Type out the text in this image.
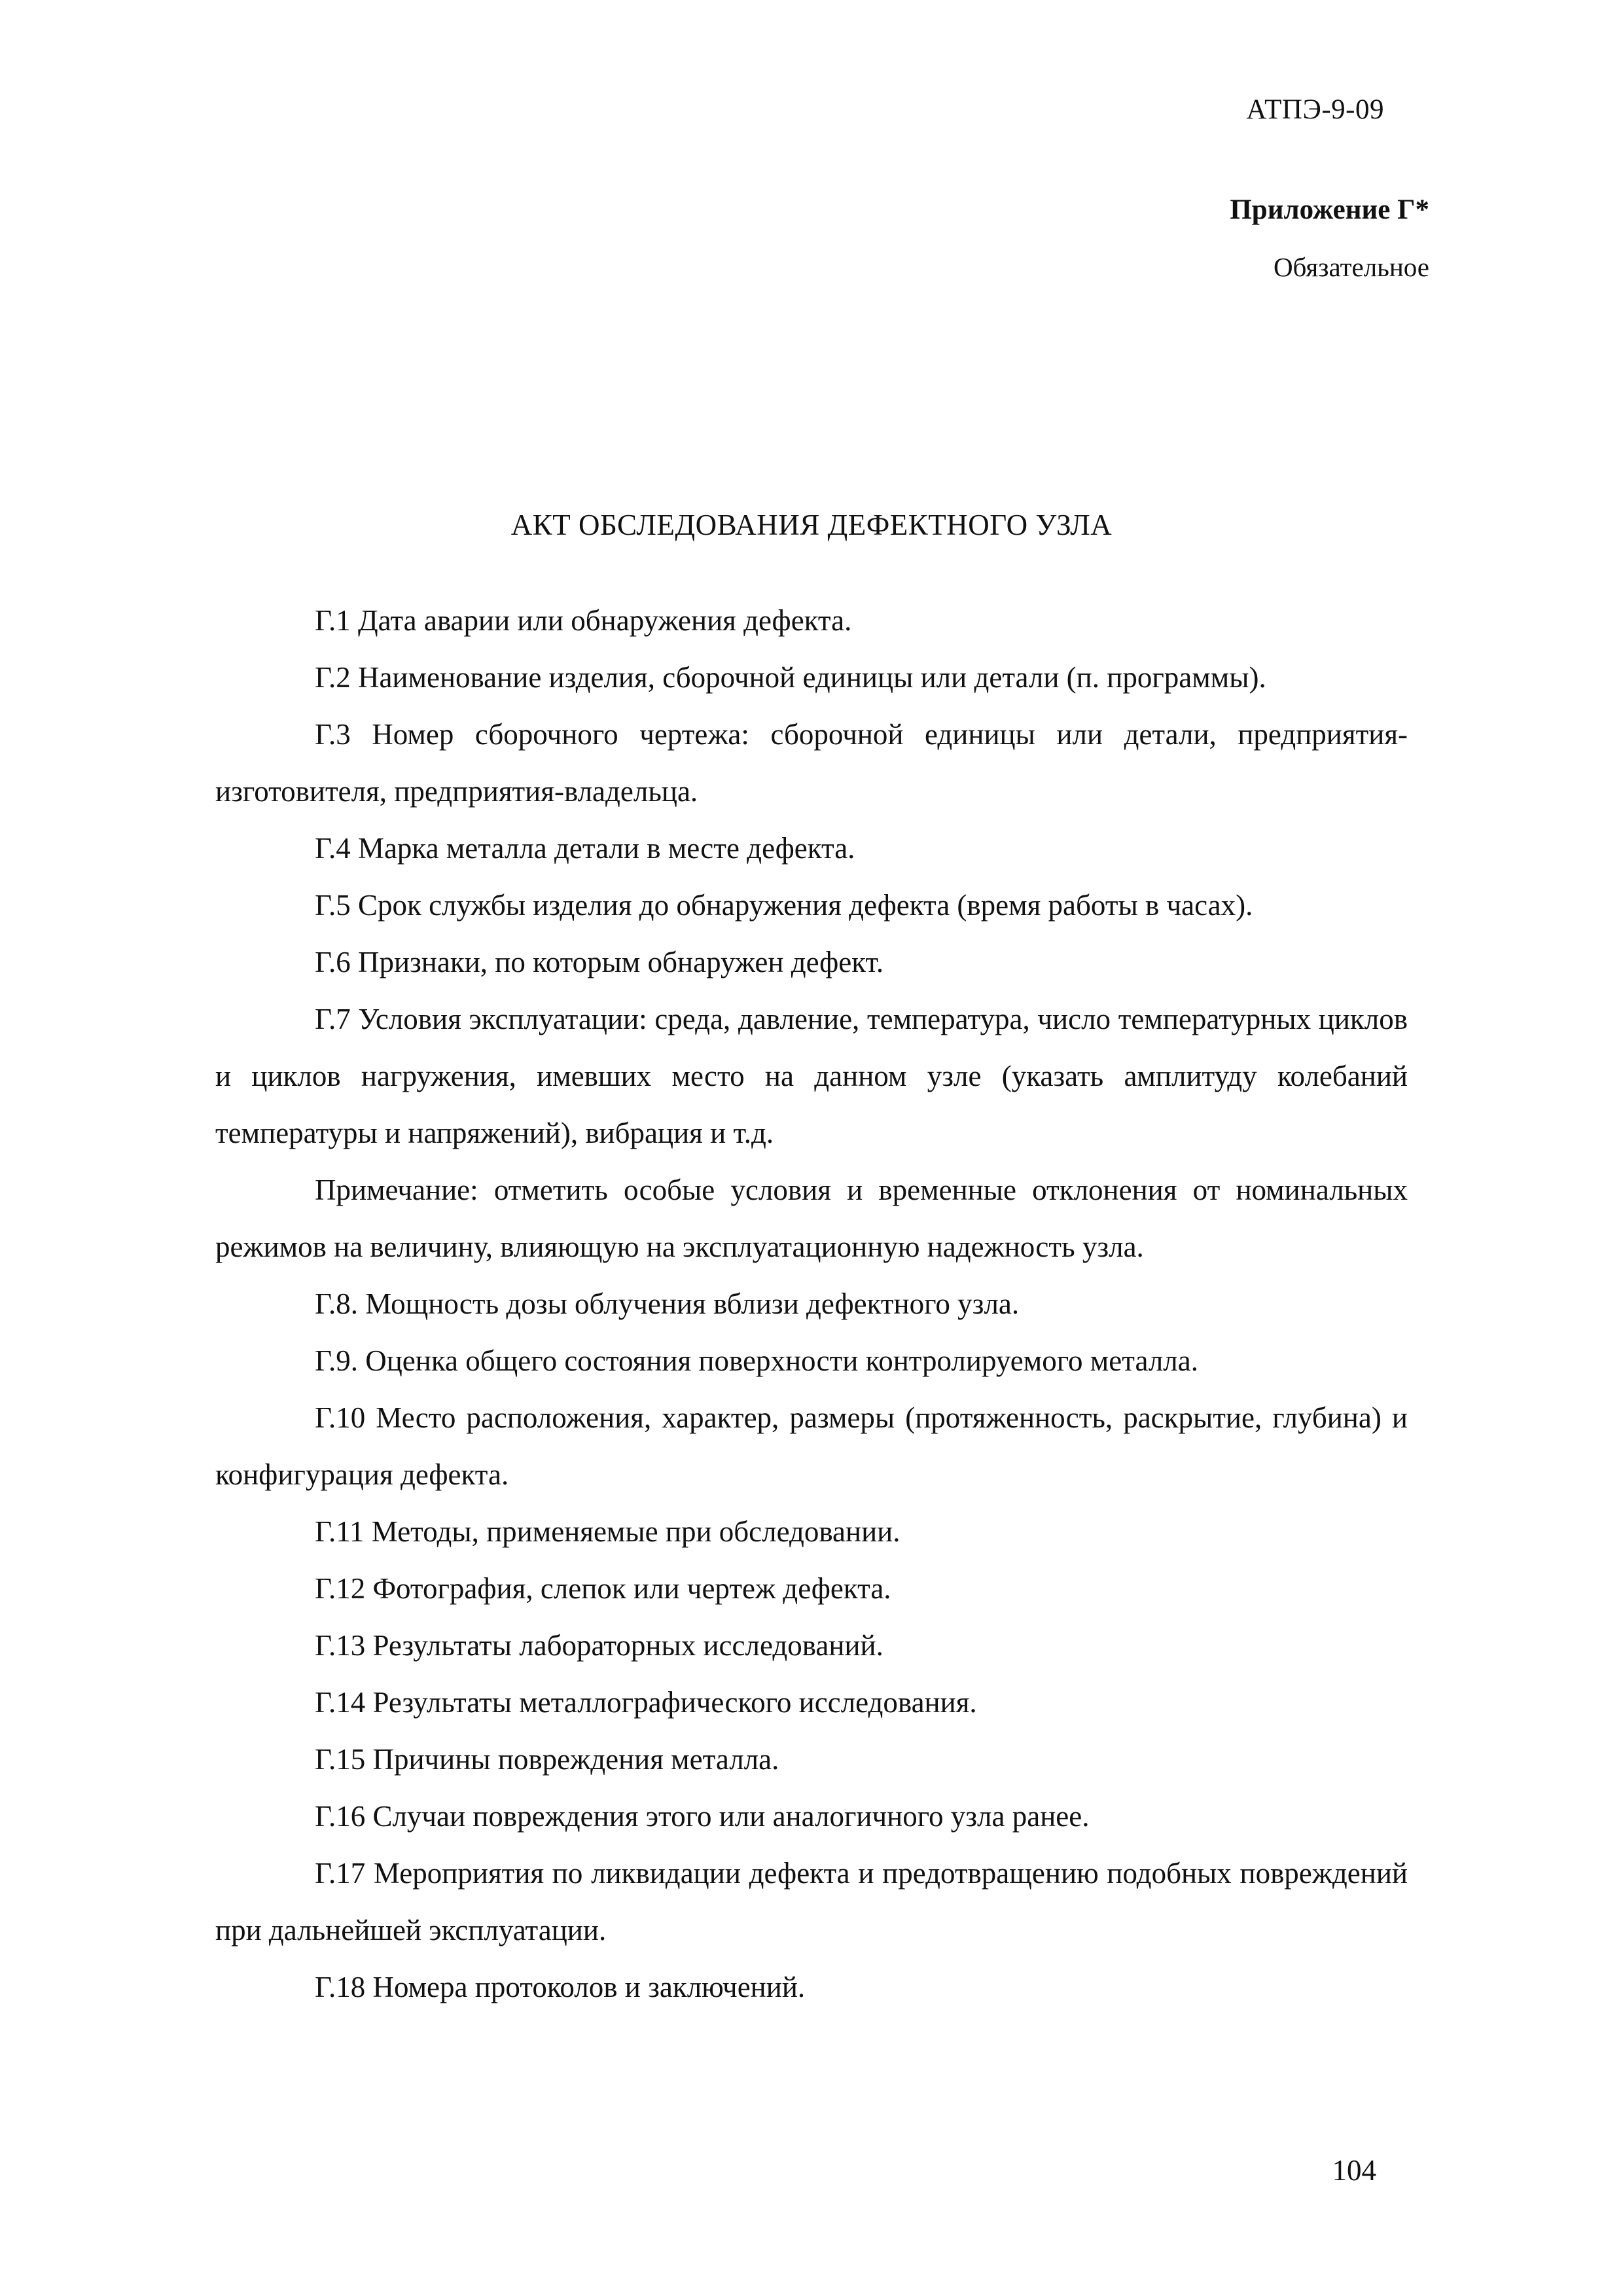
АТПЭ-9-09
Приложение Г*
Обязательное
АКТ ОБСЛЕДОВАНИЯ ДЕФЕКТНОГО УЗЛА

Г.1 Дата аварии или обнаружения дефекта.

Г.2 Наименование изделия, сборочной единицы или детали (п. программы).

Г.3 Номер сборочного чертежа: сборочной единицы или детали, предприятия-изготовителя, предприятия-владельца.

Г.4 Марка металла детали в месте дефекта.

Г.5 Срок службы изделия до обнаружения дефекта (время работы в часах).

Г.6 Признаки, по которым обнаружен дефект.

Г.7 Условия эксплуатации: среда, давление, температура, число температурных циклов и циклов нагружения, имевших место на данном узле (указать амплитуду колебаний температуры и напряжений), вибрация и т.д.

Примечание: отметить особые условия и временные отклонения от номинальных режимов на величину, влияющую на эксплуатационную надежность узла.

Г.8. Мощность дозы облучения вблизи дефектного узла.

Г.9. Оценка общего состояния поверхности контролируемого металла.

Г.10 Место расположения, характер, размеры (протяженность, раскрытие, глубина) и конфигурация дефекта.

Г.11 Методы, применяемые при обследовании.

Г.12 Фотография, слепок или чертеж дефекта.

Г.13 Результаты лабораторных исследований.

Г.14 Результаты металлографического исследования.

Г.15 Причины повреждения металла.

Г.16 Случаи повреждения этого или аналогичного узла ранее.

Г.17 Мероприятия по ликвидации дефекта и предотвращению подобных повреждений при дальнейшей эксплуатации.

Г.18 Номера протоколов и заключений.

104
